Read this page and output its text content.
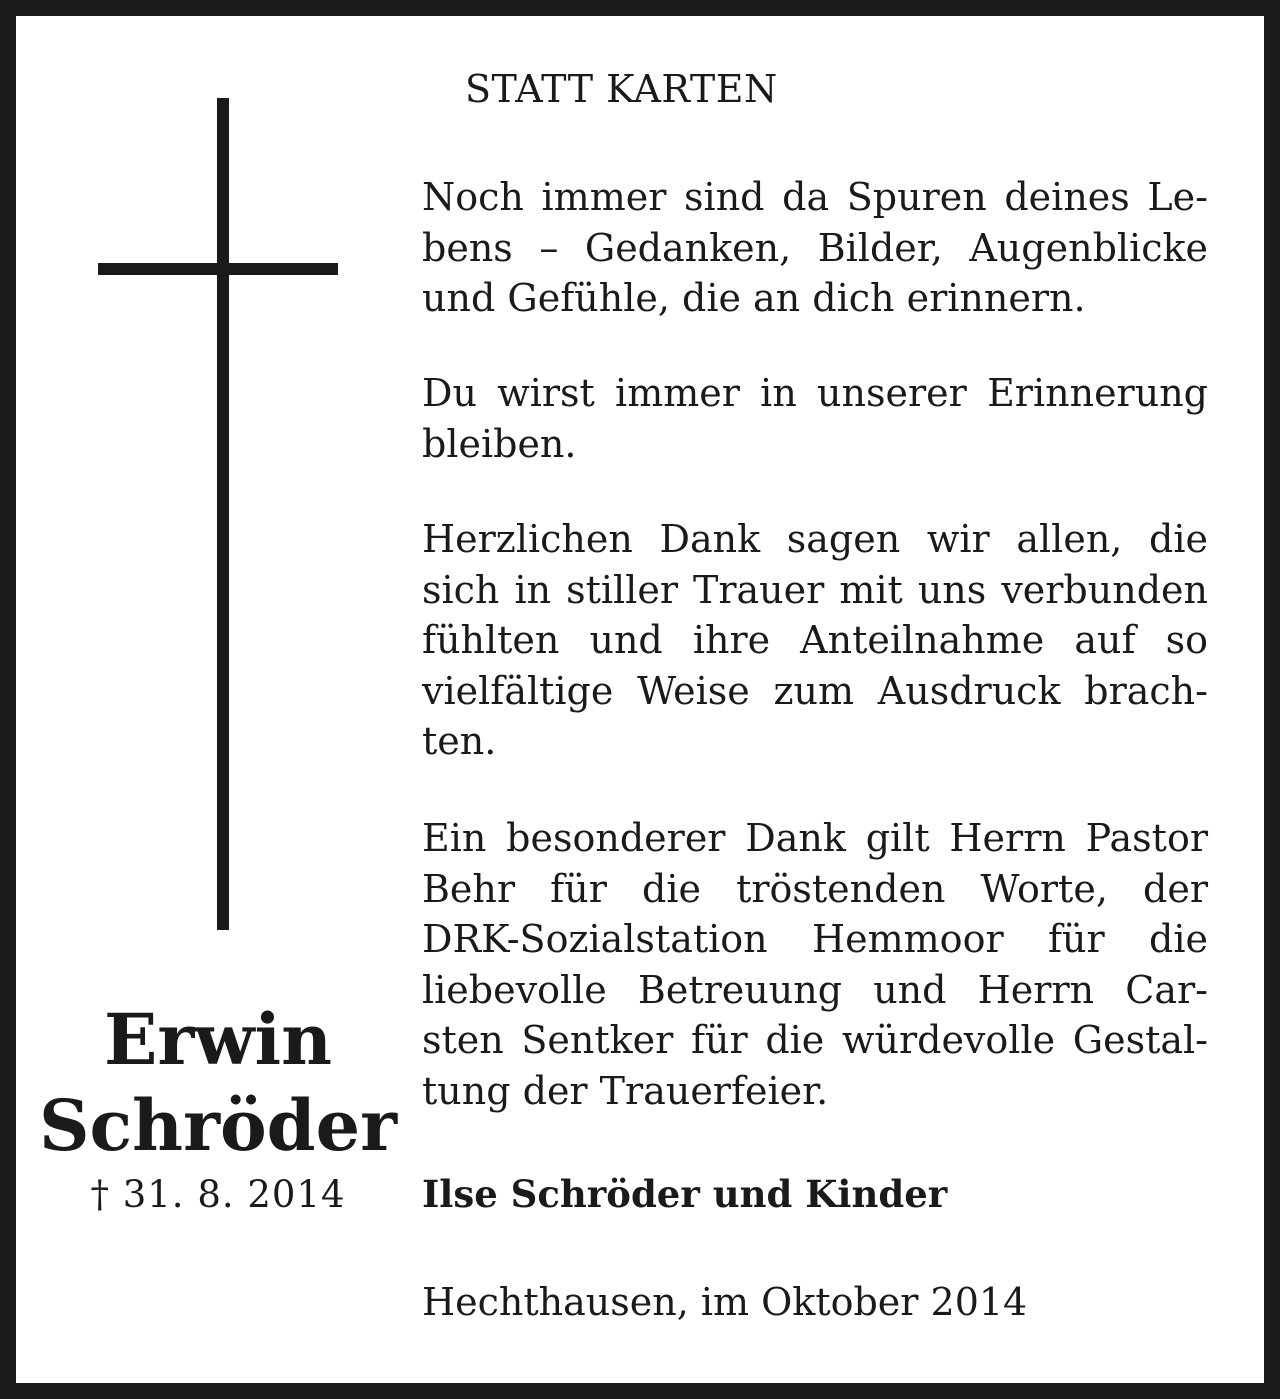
STATT KARTEN
Noch immer sind da Spuren deines Le-
bens – Gedanken, Bilder, Augenblicke
und Gefühle, die an dich erinnern.
Du wirst immer in unserer Erinnerung
bleiben.
Herzlichen Dank sagen wir allen, die
sich in stiller Trauer mit uns verbunden
fühlten und ihre Anteilnahme auf so
vielfältige Weise zum Ausdruck brach-
ten.
Ein besonderer Dank gilt Herrn Pastor
Behr für die tröstenden Worte, der
DRK-Sozialstation Hemmoor für die
liebevolle Betreuung und Herrn Car-
sten Sentker für die würdevolle Gestal-
tung der Trauerfeier.
Ilse Schröder und Kinder
Hechthausen, im Oktober 2014
Erwin
Schröder
† 31. 8. 2014
